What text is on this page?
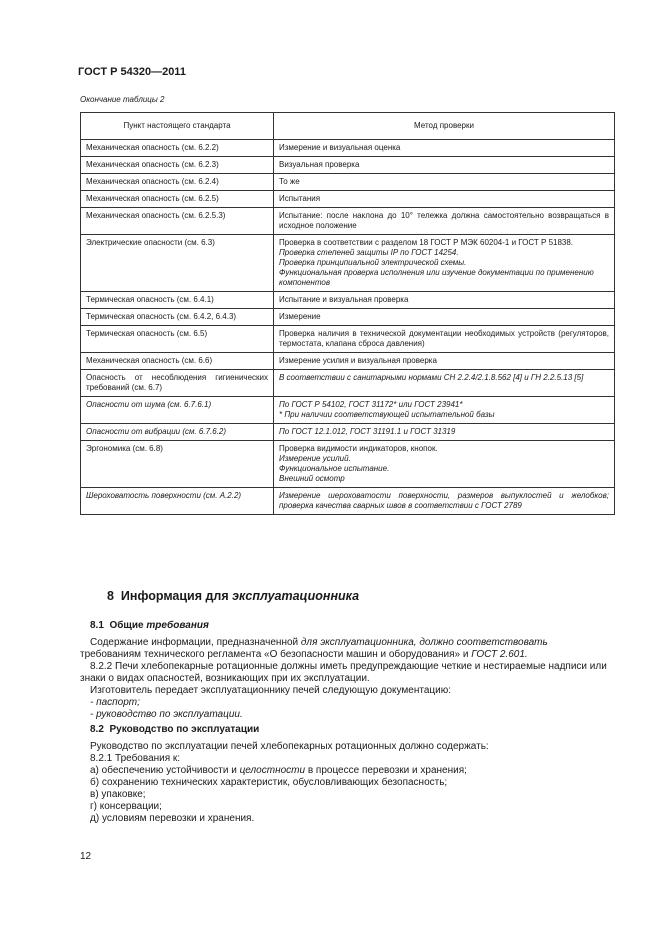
ГОСТ Р 54320—2011
Окончание таблицы 2
Пункт настоящего стандарта	Метод проверки

Механическая опасность (см. 6.2.2)	Измерение и визуальная оценка

Механическая опасность (см. 6.2.3)	Визуальная проверка

Механическая опасность (см. 6.2.4)	То же

Механическая опасность (см. 6.2.5)	Испытания

Механическая опасность (см. 6.2.5.3)	Испытание: после наклона до 10° тележка должна самостоятельно возвращаться в исходное положение

Электрические опасности (см. 6.3)	Проверка в соответствии с разделом 18 ГОСТ Р МЭК 60204-1 и ГОСТ Р 51838.
Проверка степеней защиты IP по ГОСТ 14254.
Проверка принципиальной электрической схемы.
Функциональная проверка исполнения или изучение документации по применению компонентов

Термическая опасность (см. 6.4.1)	Испытание и визуальная проверка

Термическая опасность (см. 6.4.2, 6.4.3)	Измерение

Термическая опасность (см. 6.5)	Проверка наличия в технической документации необходимых устройств (регуляторов, термостата, клапана сброса давления)

Механическая опасность (см. 6.6)	Измерение усилия и визуальная проверка

Опасность от несоблюдения гигиенических требований (см. 6.7)	В соответствии с санитарными нормами СН 2.2.4/2.1.8.562 [4] и ГН 2.2.5.13 [5]

Опасности от шума (см. 6.7.6.1)	По ГОСТ Р 54102, ГОСТ 31172* или ГОСТ 23941*
* При наличии соответствующей испытательной базы

Опасности от вибрации (см. 6.7.6.2)	По ГОСТ 12.1.012, ГОСТ 31191.1 и ГОСТ 31319

Эргономика (см. 6.8)	Проверка видимости индикаторов, кнопок.
Измерение усилий.
Функциональное испытание.
Внешний осмотр

Шероховатость поверхности (см. А.2.2)	Измерение шероховатости поверхности, размеров выпуклостей и желобков; проверка качества сварных швов в соответствии с ГОСТ 2789
8 Информация для эксплуатационника
8.1 Общие требования
Содержание информации, предназначенной для эксплуатационника, должно соответствовать
требованиям технического регламента «О безопасности машин и оборудования» и ГОСТ 2.601.
8.2.2 Печи хлебопекарные ротационные должны иметь предупреждающие четкие и нестираемые надписи или знаки о видах опасностей, возникающих при их эксплуатации.
Изготовитель передает эксплуатационнику печей следующую документацию:
- паспорт;
- руководство по эксплуатации.
8.2 Руководство по эксплуатации
Руководство по эксплуатации печей хлебопекарных ротационных должно содержать:
8.2.1 Требования к:
а) обеспечению устойчивости и целостности в процессе перевозки и хранения;
б) сохранению технических характеристик, обусловливающих безопасность;
в) упаковке;
г) консервации;
д) условиям перевозки и хранения.
12
